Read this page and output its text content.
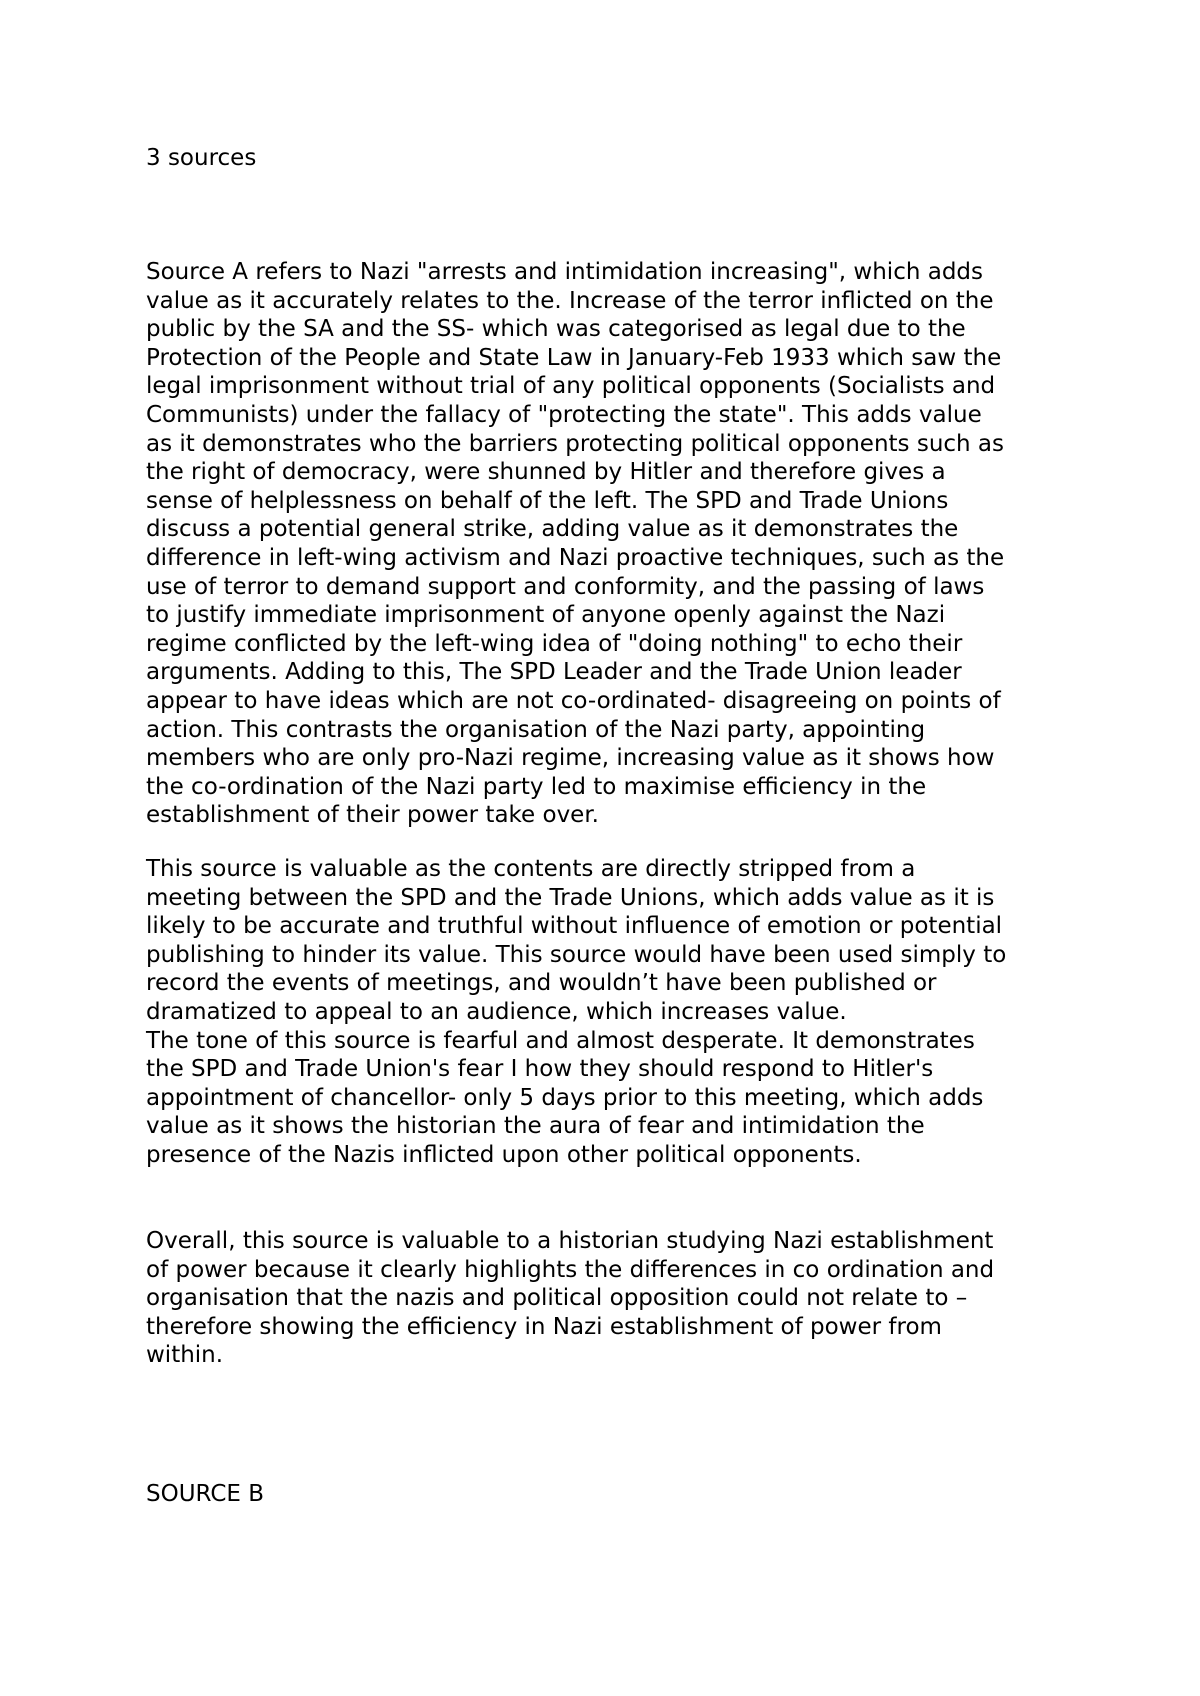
3 sources

Source A refers to Nazi "arrests and intimidation increasing", which adds
value as it accurately relates to the. Increase of the terror inflicted on the
public by the SA and the SS- which was categorised as legal due to the
Protection of the People and State Law in January-Feb 1933 which saw the
legal imprisonment without trial of any political opponents (Socialists and
Communists) under the fallacy of "protecting the state". This adds value
as it demonstrates who the barriers protecting political opponents such as
the right of democracy, were shunned by Hitler and therefore gives a
sense of helplessness on behalf of the left. The SPD and Trade Unions
discuss a potential general strike, adding value as it demonstrates the
difference in left-wing activism and Nazi proactive techniques, such as the
use of terror to demand support and conformity, and the passing of laws
to justify immediate imprisonment of anyone openly against the Nazi
regime conflicted by the left-wing idea of "doing nothing" to echo their
arguments. Adding to this, The SPD Leader and the Trade Union leader
appear to have ideas which are not co-ordinated- disagreeing on points of
action. This contrasts the organisation of the Nazi party, appointing
members who are only pro-Nazi regime, increasing value as it shows how
the co-ordination of the Nazi party led to maximise efficiency in the
establishment of their power take over.

This source is valuable as the contents are directly stripped from a
meeting between the SPD and the Trade Unions, which adds value as it is
likely to be accurate and truthful without influence of emotion or potential
publishing to hinder its value. This source would have been used simply to
record the events of meetings, and wouldn’t have been published or
dramatized to appeal to an audience, which increases value.
The tone of this source is fearful and almost desperate. It demonstrates
the SPD and Trade Union's fear I how they should respond to Hitler's
appointment of chancellor- only 5 days prior to this meeting, which adds
value as it shows the historian the aura of fear and intimidation the
presence of the Nazis inflicted upon other political opponents.

Overall, this source is valuable to a historian studying Nazi establishment
of power because it clearly highlights the differences in co ordination and
organisation that the nazis and political opposition could not relate to –
therefore showing the efficiency in Nazi establishment of power from
within.

SOURCE B
